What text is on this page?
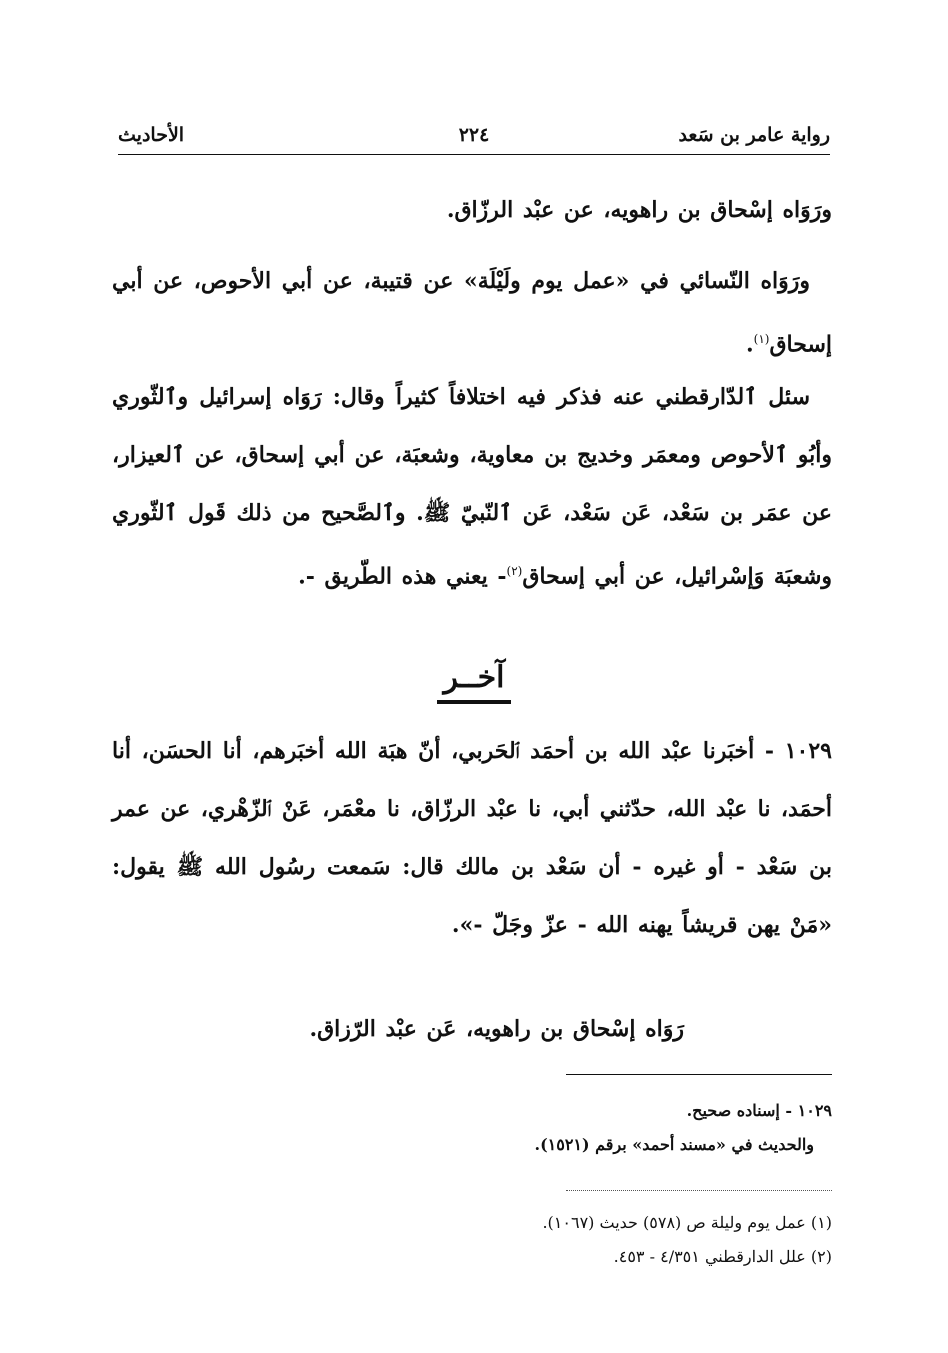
رواية عامر بن سَعد
٢٢٤
الأحاديث

ورَوَاه إسْحاق بن راهويه، عن عبْد الرزّاق.

 ورَوَاه النّسائي في «عمل يوم ولَيْلَة» عن قتيبة، عن أبي الأحوص، عن أبي إسحاق$^{(١)}$.

 سئل ٱلدّارقطني عنه فذكر فيه اختلافاً كثيراً وقال: رَوَاه إسرائيل وٱلثّوري وأبُو ٱلأحوص ومعمَر وخديج بن معاوية، وشعبَة، عن أبي إسحاق، عن ٱلعيزار، عن عمَر بن سَعْد، عَن سَعْد، عَن ٱلنّبيّ ﷺ. وٱلصَّحيح من ذلك قَول ٱلثّوري وشعبَة وَإسْرائيل، عن أبي إسحاق$^{(٢)}$- يعني هذه الطّريق -.

آخــر

١٠٢٩ - أخبَرنا عبْد الله بن أحمَد ٱلحَربي، أنّ هبَة الله أخبَرهم، أنا الحسَن، أنا أحمَد، نا عبْد الله، حدّثني أبي، نا عبْد الرزّاق، نا معْمَر، عَنْ ٱلزّهْري، عن عمر بن سَعْد - أو غيره - أن سَعْد بن مالك قال: سَمعت رسُول الله ﷺ يقول: «مَنْ يهن قريشاً يهنه الله - عزّ وجَلّ -».

رَوَاه إسْحاق بن راهويه، عَن عبْد الرّزاق.

١٠٢٩ - إسناده صحيح.
والحديث في «مسند أحمد» برقم (١٥٢١).
(١) عمل يوم وليلة ص (٥٧٨) حديث (١٠٦٧).
(٢) علل الدارقطني ٤/٣٥١ - ٤٥٣.
